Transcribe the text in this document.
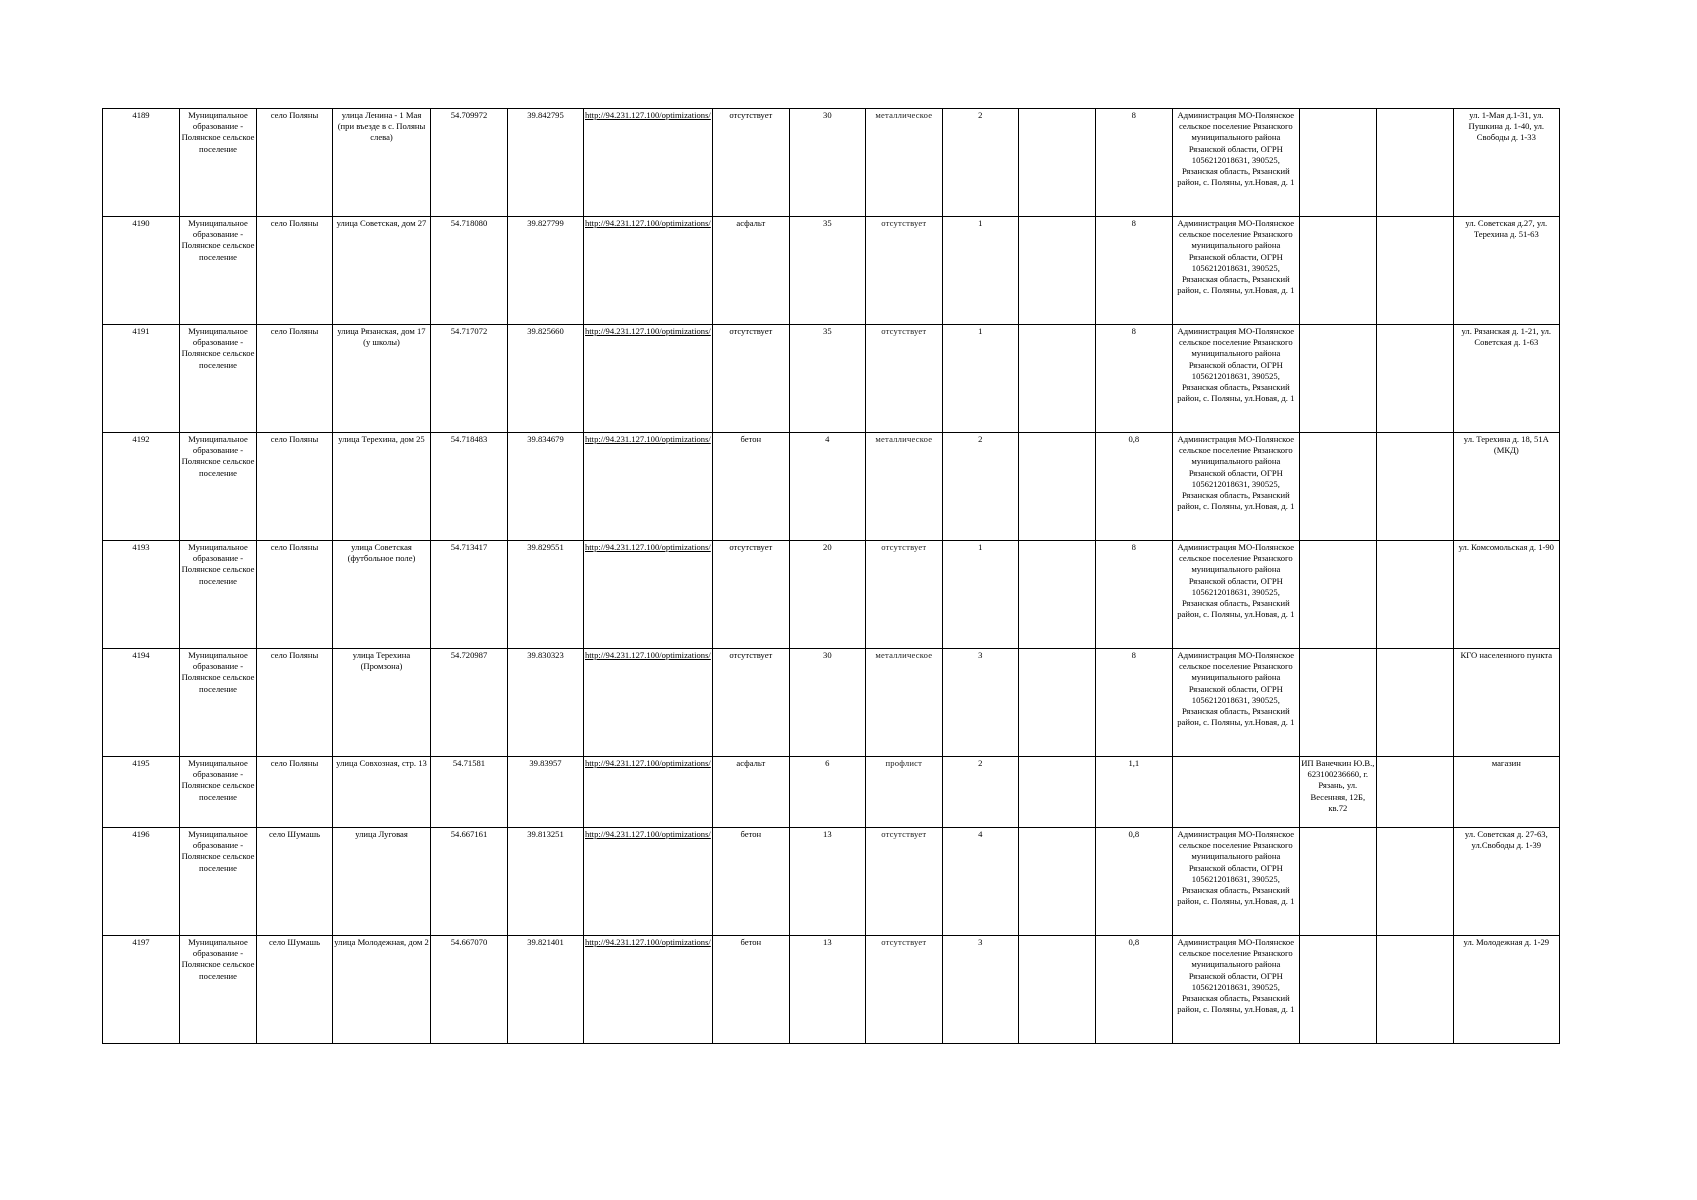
4189	Муниципальное образование - Полянское сельское поселение	село Поляны	улица Ленина - 1 Мая (при въезде в с. Поляны слева)	54.709972	39.842795	http://94.231.127.100/optimizations/	отсутствует	30	металлическое	2		8	Администрация МО-Полянское сельское поселение Рязанского муниципального района Рязанской области, ОГРН 1056212018631, 390525, Рязанская область, Рязанский район, с. Поляны, ул.Новая, д. 1			ул. 1-Мая д.1-31, ул. Пушкина д. 1-40, ул. Свободы д. 1-33
4190	Муниципальное образование - Полянское сельское поселение	село Поляны	улица Советская, дом 27	54.718080	39.827799	http://94.231.127.100/optimizations/	асфальт	35	отсутствует	1		8	Администрация МО-Полянское сельское поселение Рязанского муниципального района Рязанской области, ОГРН 1056212018631, 390525, Рязанская область, Рязанский район, с. Поляны, ул.Новая, д. 1			ул. Советская д.27, ул. Терехина д. 51-63
4191	Муниципальное образование - Полянское сельское поселение	село Поляны	улица Рязанская, дом 17 (у школы)	54.717072	39.825660	http://94.231.127.100/optimizations/	отсутствует	35	отсутствует	1		8	Администрация МО-Полянское сельское поселение Рязанского муниципального района Рязанской области, ОГРН 1056212018631, 390525, Рязанская область, Рязанский район, с. Поляны, ул.Новая, д. 1			ул. Рязанская д. 1-21, ул. Советская д. 1-63
4192	Муниципальное образование - Полянское сельское поселение	село Поляны	улица Терехина, дом 25	54.718483	39.834679	http://94.231.127.100/optimizations/	бетон	4	металлическое	2		0,8	Администрация МО-Полянское сельское поселение Рязанского муниципального района Рязанской области, ОГРН 1056212018631, 390525, Рязанская область, Рязанский район, с. Поляны, ул.Новая, д. 1			ул. Терехина д. 18, 51А (МКД)
4193	Муниципальное образование - Полянское сельское поселение	село Поляны	улица Советская (футбольное поле)	54.713417	39.829551	http://94.231.127.100/optimizations/	отсутствует	20	отсутствует	1		8	Администрация МО-Полянское сельское поселение Рязанского муниципального района Рязанской области, ОГРН 1056212018631, 390525, Рязанская область, Рязанский район, с. Поляны, ул.Новая, д. 1			ул. Комсомольская д. 1-90
4194	Муниципальное образование - Полянское сельское поселение	село Поляны	улица Терехина (Промзона)	54.720987	39.830323	http://94.231.127.100/optimizations/	отсутствует	30	металлическое	3		8	Администрация МО-Полянское сельское поселение Рязанского муниципального района Рязанской области, ОГРН 1056212018631, 390525, Рязанская область, Рязанский район, с. Поляны, ул.Новая, д. 1			КГО населенного пункта
4195	Муниципальное образование - Полянское сельское поселение	село Поляны	улица Совхозная, стр. 13	54.71581	39.83957	http://94.231.127.100/optimizations/	асфальт	6	профлист	2		1,1		ИП Ванечкин Ю.В., 623100236660, г. Рязань, ул. Весенняя, 12Б, кв.72		магазин
4196	Муниципальное образование - Полянское сельское поселение	село Шумашь	улица Луговая	54.667161	39.813251	http://94.231.127.100/optimizations/	бетон	13	отсутствует	4		0,8	Администрация МО-Полянское сельское поселение Рязанского муниципального района Рязанской области, ОГРН 1056212018631, 390525, Рязанская область, Рязанский район, с. Поляны, ул.Новая, д. 1			ул. Советская д. 27-63, ул.Свободы д. 1-39
4197	Муниципальное образование - Полянское сельское поселение	село Шумашь	улица Молодежная, дом 2	54.667070	39.821401	http://94.231.127.100/optimizations/	бетон	13	отсутствует	3		0,8	Администрация МО-Полянское сельское поселение Рязанского муниципального района Рязанской области, ОГРН 1056212018631, 390525, Рязанская область, Рязанский район, с. Поляны, ул.Новая, д. 1			ул. Молодежная д. 1-29
